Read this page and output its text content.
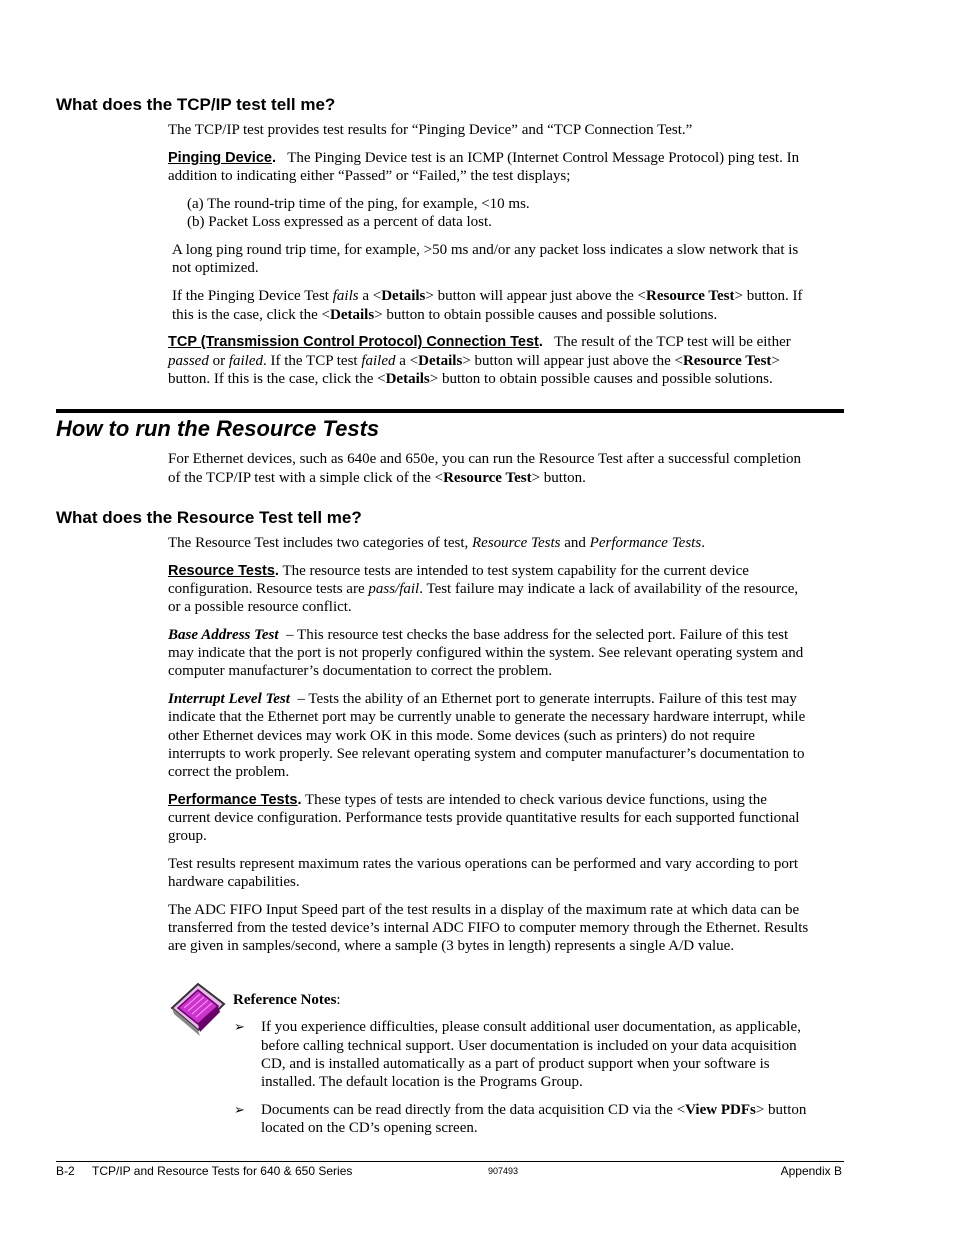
What does the TCP/IP test tell me?
The TCP/IP test provides test results for “Pinging Device” and “TCP Connection Test.”
Pinging Device. The Pinging Device test is an ICMP (Internet Control Message Protocol) ping test. In
addition to indicating either “Passed” or “Failed,” the test displays;
(a) The round-trip time of the ping, for example, <10 ms.
(b) Packet Loss expressed as a percent of data lost.
A long ping round trip time, for example, >50 ms and/or any packet loss indicates a slow network that is
not optimized.
If the Pinging Device Test fails a <Details> button will appear just above the <Resource Test> button. If
this is the case, click the <Details> button to obtain possible causes and possible solutions.
TCP (Transmission Control Protocol) Connection Test. The result of the TCP test will be either
passed or failed. If the TCP test failed a <Details> button will appear just above the <Resource Test>
button. If this is the case, click the <Details> button to obtain possible causes and possible solutions.
How to run the Resource Tests
For Ethernet devices, such as 640e and 650e, you can run the Resource Test after a successful completion
of the TCP/IP test with a simple click of the <Resource Test> button.
What does the Resource Test tell me?
The Resource Test includes two categories of test, Resource Tests and Performance Tests.
Resource Tests. The resource tests are intended to test system capability for the current device
configuration. Resource tests are pass/fail. Test failure may indicate a lack of availability of the resource,
or a possible resource conflict.
Base Address Test – This resource test checks the base address for the selected port. Failure of this test
may indicate that the port is not properly configured within the system. See relevant operating system and
computer manufacturer’s documentation to correct the problem.
Interrupt Level Test – Tests the ability of an Ethernet port to generate interrupts. Failure of this test may
indicate that the Ethernet port may be currently unable to generate the necessary hardware interrupt, while
other Ethernet devices may work OK in this mode. Some devices (such as printers) do not require
interrupts to work properly. See relevant operating system and computer manufacturer’s documentation to
correct the problem.
Performance Tests. These types of tests are intended to check various device functions, using the
current device configuration. Performance tests provide quantitative results for each supported functional
group.
Test results represent maximum rates the various operations can be performed and vary according to port
hardware capabilities.
The ADC FIFO Input Speed part of the test results in a display of the maximum rate at which data can be
transferred from the tested device’s internal ADC FIFO to computer memory through the Ethernet. Results
are given in samples/second, where a sample (3 bytes in length) represents a single A/D value.
Reference Notes:
➢ If you experience difficulties, please consult additional user documentation, as applicable,
before calling technical support. User documentation is included on your data acquisition
CD, and is installed automatically as a part of product support when your software is
installed. The default location is the Programs Group.
➢ Documents can be read directly from the data acquisition CD via the <View PDFs> button
located on the CD’s opening screen.
B-2 TCP/IP and Resource Tests for 640 & 650 Series	907493	Appendix B
